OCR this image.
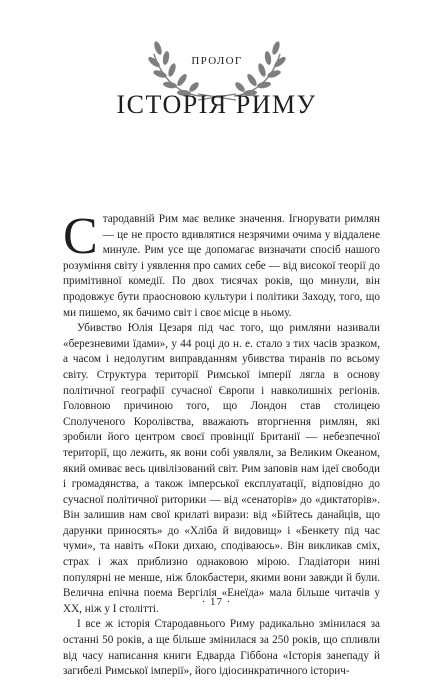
ПРОЛОГ
ІСТОРІЯ РИМУ

Стародавній Рим має велике значення. Ігнорувати римлян — це не просто вдивлятися незрячими очима у віддалене минуле. Рим усе ще допомагає визначати спосіб нашого розуміння світу і уявлення про самих себе — від високої теорії до примітивної комедії. По двох тисячах років, що минули, він продовжує бути праосновою культури і політики Заходу, того, що ми пишемо, як бачимо світ і своє місце в ньому.

Убивство Юлія Цезаря під час того, що римляни називали «березневими їдами», у 44 році до н. е. стало з тих часів зразком, а часом і недолугим виправданням убивства тиранів по всьому світу. Структура території Римської імперії лягла в основу політичної географії сучасної Європи і навколишніх регіонів. Головною причиною того, що Лондон став столицею Сполученого Королівства, вважають вторгнення римлян, які зробили його центром своєї провінції Британії — небезпечної території, що лежить, як вони собі уявляли, за Великим Океаном, який омиває весь цивілізований світ. Рим заповів нам ідеї свободи і громадянства, а також імперської експлуатації, відповідно до сучасної політичної риторики — від «сенаторів» до «диктаторів». Він залишив нам свої крилаті вирази: від «Бійтесь данайців, що дарунки приносять» до «Хліба й видовищ» і «Бенкету під час чуми», та навіть «Поки дихаю, сподіваюсь». Він викликав сміх, страх і жах приблизно однаковою мірою. Гладіатори нині популярні не менше, ніж блокбастери, якими вони завжди й були. Велична епічна поема Вергілія «Енеїда» мала більше читачів у XX, ніж у I столітті.

І все ж історія Стародавнього Риму радикально змінилася за останні 50 років, а ще більше змінилася за 250 років, що спливли від часу написання книги Едварда Гіббона «Історія занепаду й загибелі Римської імперії», його ідіосинкратичного історич-

· 17 ·
